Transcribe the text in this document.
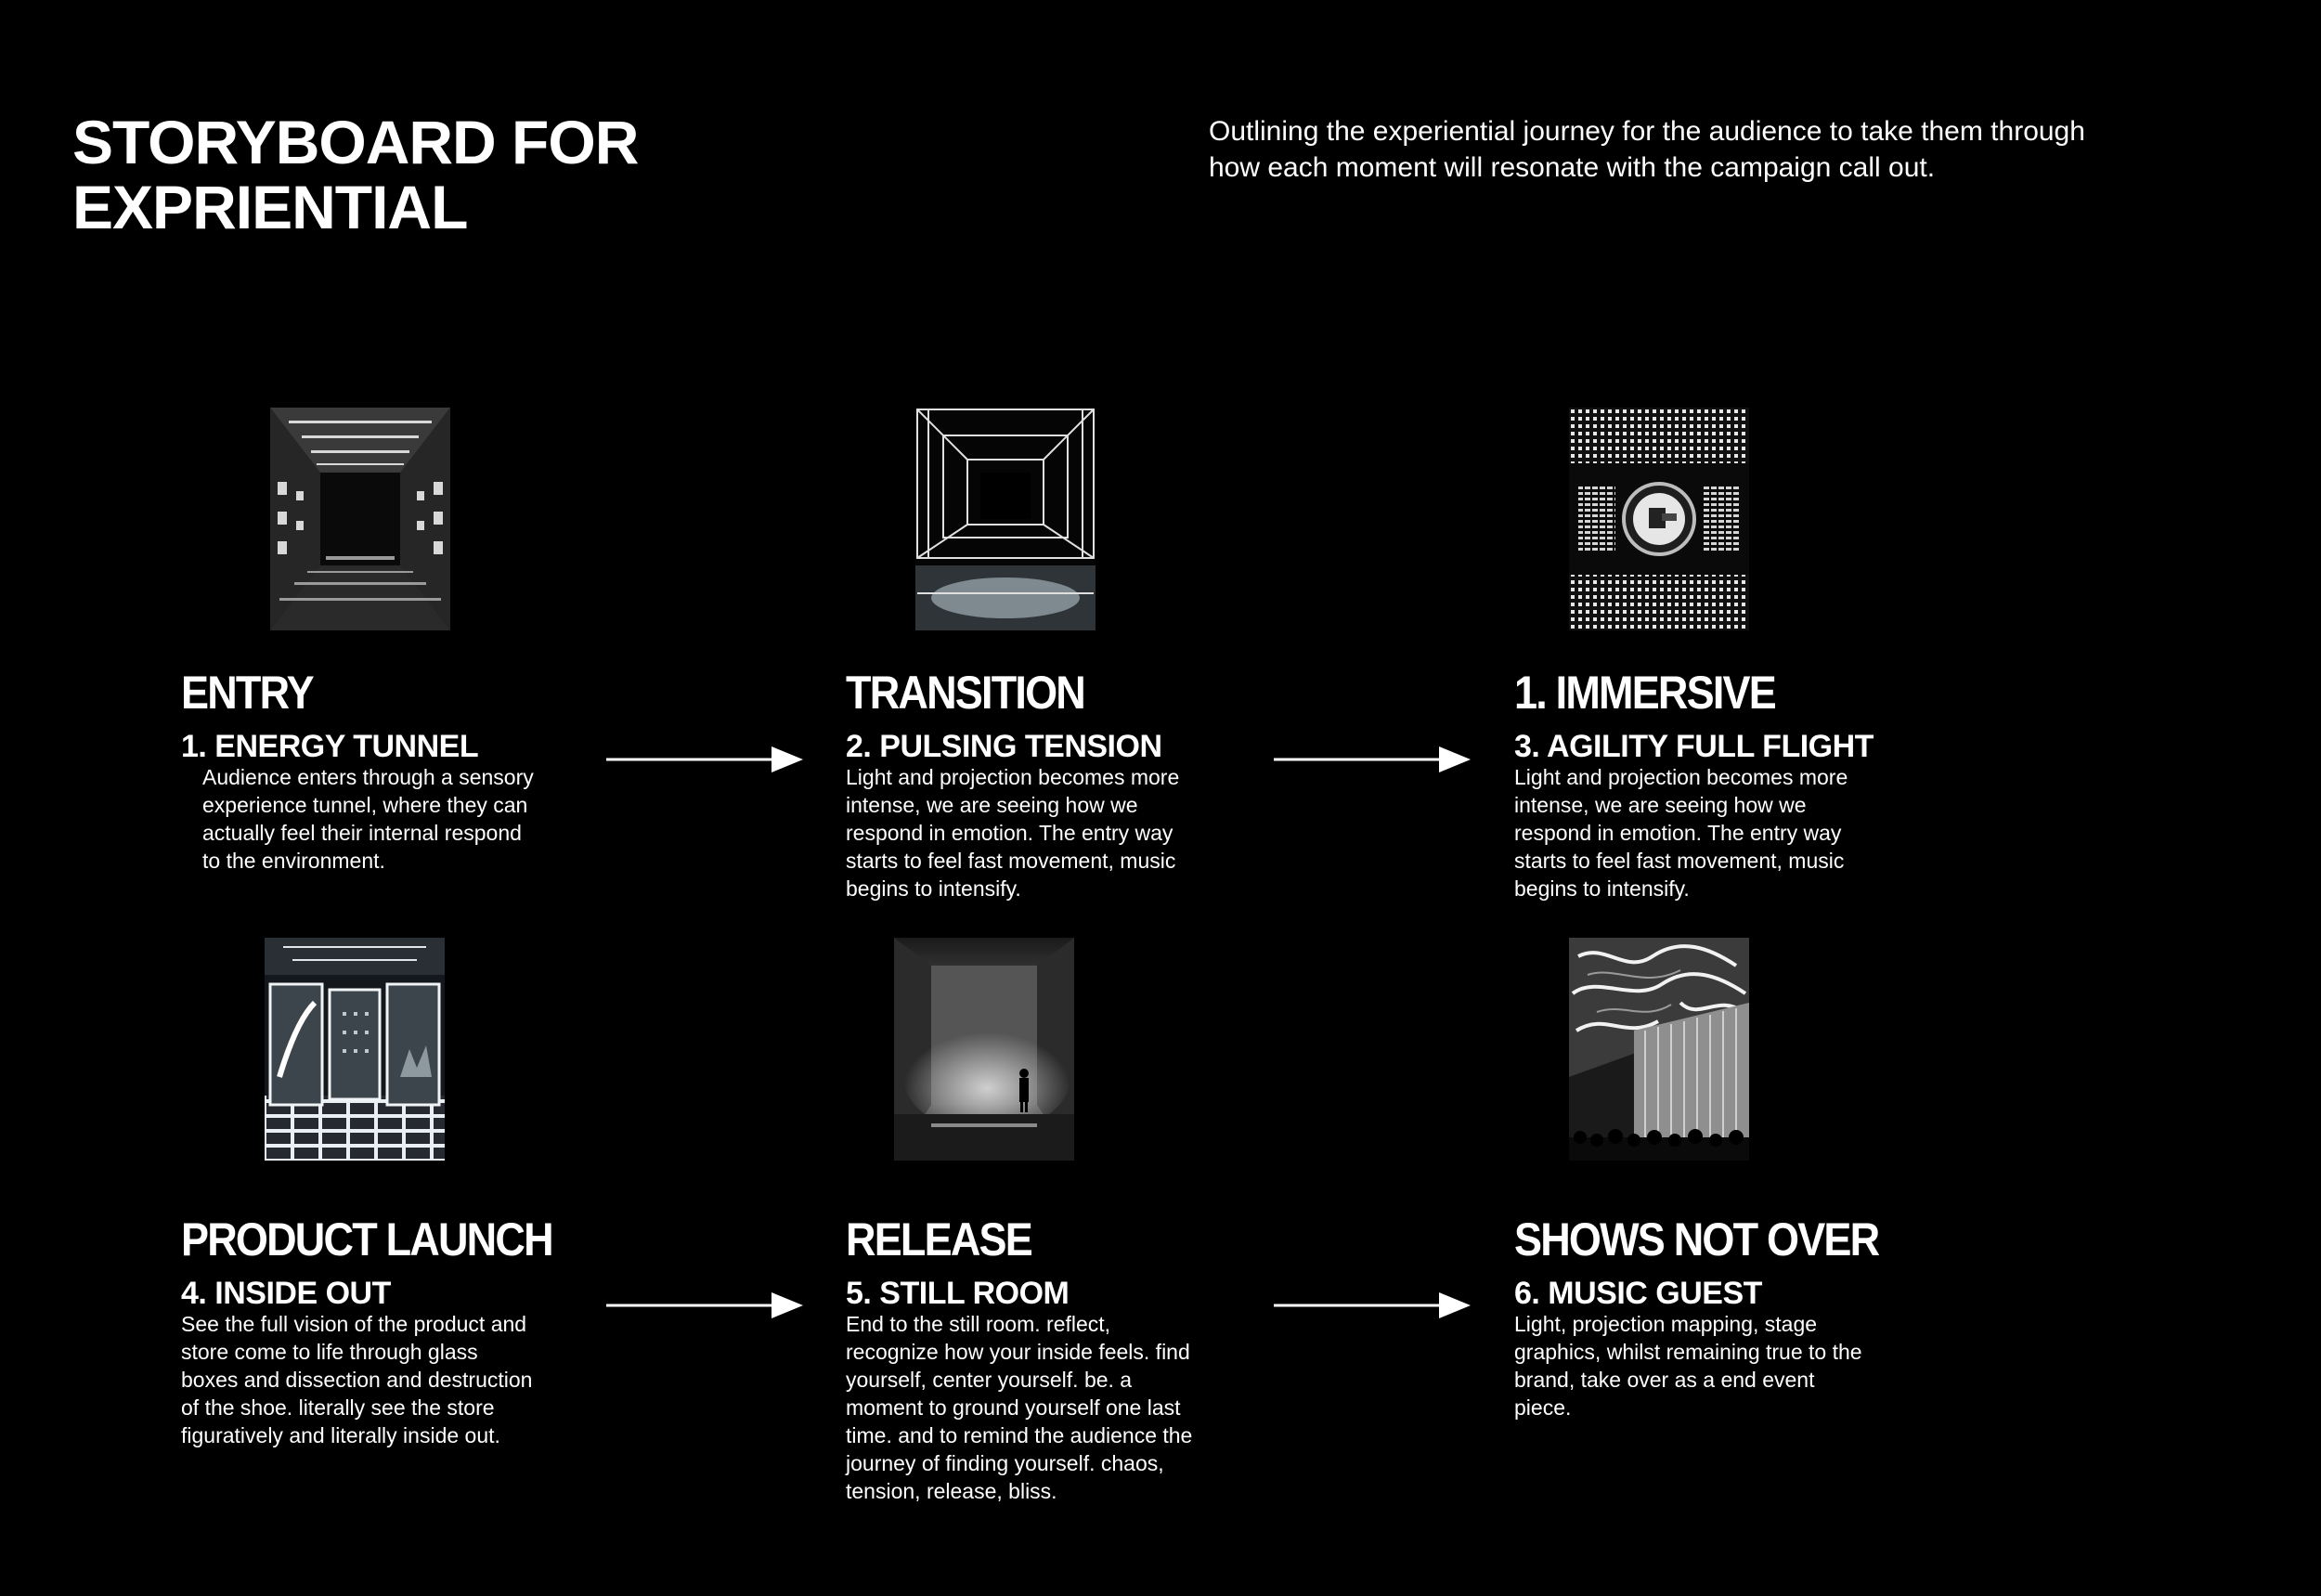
STORYBOARD FOR
EXPRIENTIAL

Outlining the experiential journey for the audience to take them through
how each moment will resonate with the campaign call out.

ENTRY
1. ENERGY TUNNEL

Audience enters through a sensory
experience tunnel, where they can
actually feel their internal respond
to the environment.

TRANSITION
2. PULSING TENSION

Light and projection becomes more
intense, we are seeing how we
respond in emotion. The entry way
starts to feel fast movement, music
begins to intensify.

1. IMMERSIVE
3. AGILITY FULL FLIGHT

Light and projection becomes more
intense, we are seeing how we
respond in emotion. The entry way
starts to feel fast movement, music
begins to intensify.

PRODUCT LAUNCH
4. INSIDE OUT

See the full vision of the product and
store come to life through glass
boxes and dissection and destruction
of the shoe. literally see the store
figuratively and literally inside out.

RELEASE
5. STILL ROOM

End to the still room. reflect,
recognize how your inside feels. find
yourself, center yourself. be. a
moment to ground yourself one last
time. and to remind the audience the
journey of finding yourself. chaos,
tension, release, bliss.

SHOWS NOT OVER
6. MUSIC GUEST

Light, projection mapping, stage
graphics, whilst remaining true to the
brand, take over as a end event
piece.
